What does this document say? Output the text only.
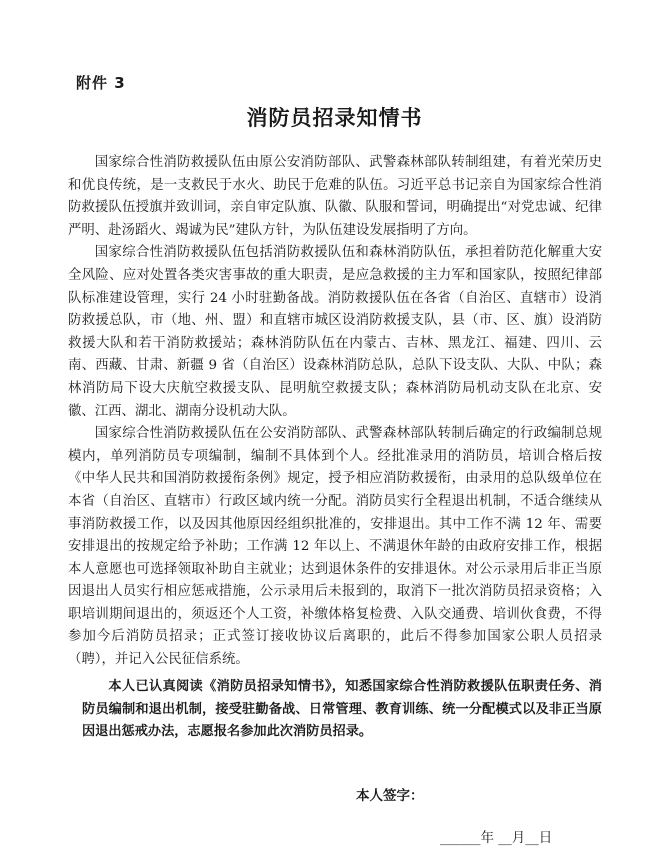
附件 3
消防员招录知情书

国家综合性消防救援队伍由原公安消防部队、武警森林部队转制组建，有着光荣历史和优良传统，是一支救民于水火、助民于危难的队伍。习近平总书记亲自为国家综合性消防救援队伍授旗并致训词，亲自审定队旗、队徽、队服和誓词，明确提出“对党忠诚、纪律严明、赴汤蹈火、竭诚为民”建队方针，为队伍建设发展指明了方向。

国家综合性消防救援队伍包括消防救援队伍和森林消防队伍，承担着防范化解重大安全风险、应对处置各类灾害事故的重大职责，是应急救援的主力军和国家队，按照纪律部队标准建设管理，实行 24 小时驻勤备战。消防救援队伍在各省（自治区、直辖市）设消防救援总队，市（地、州、盟）和直辖市城区设消防救援支队，县（市、区、旗）设消防救援大队和若干消防救援站；森林消防队伍在内蒙古、吉林、黑龙江、福建、四川、云南、西藏、甘肃、新疆 9 省（自治区）设森林消防总队，总队下设支队、大队、中队；森林消防局下设大庆航空救援支队、昆明航空救援支队；森林消防局机动支队在北京、安徽、江西、湖北、湖南分设机动大队。

国家综合性消防救援队伍在公安消防部队、武警森林部队转制后确定的行政编制总规模内，单列消防员专项编制，编制不具体到个人。经批准录用的消防员，培训合格后按《中华人民共和国消防救援衔条例》规定，授予相应消防救援衔，由录用的总队级单位在本省（自治区、直辖市）行政区域内统一分配。消防员实行全程退出机制，不适合继续从事消防救援工作，以及因其他原因经组织批准的，安排退出。其中工作不满 12 年、需要安排退出的按规定给予补助；工作满 12 年以上、不满退休年龄的由政府安排工作，根据本人意愿也可选择领取补助自主就业；达到退休条件的安排退休。对公示录用后非正当原因退出人员实行相应惩戒措施，公示录用后未报到的，取消下一批次消防员招录资格；入职培训期间退出的，须返还个人工资，补缴体格复检费、入队交通费、培训伙食费，不得参加今后消防员招录；正式签订接收协议后离职的，此后不得参加国家公职人员招录（聘），并记入公民征信系统。

本人已认真阅读《消防员招录知情书》，知悉国家综合性消防救援队伍职责任务、消防员编制和退出机制，接受驻勤备战、日常管理、教育训练、统一分配模式以及非正当原因退出惩戒办法，志愿报名参加此次消防员招录。

本人签字：
______年 __月__日
